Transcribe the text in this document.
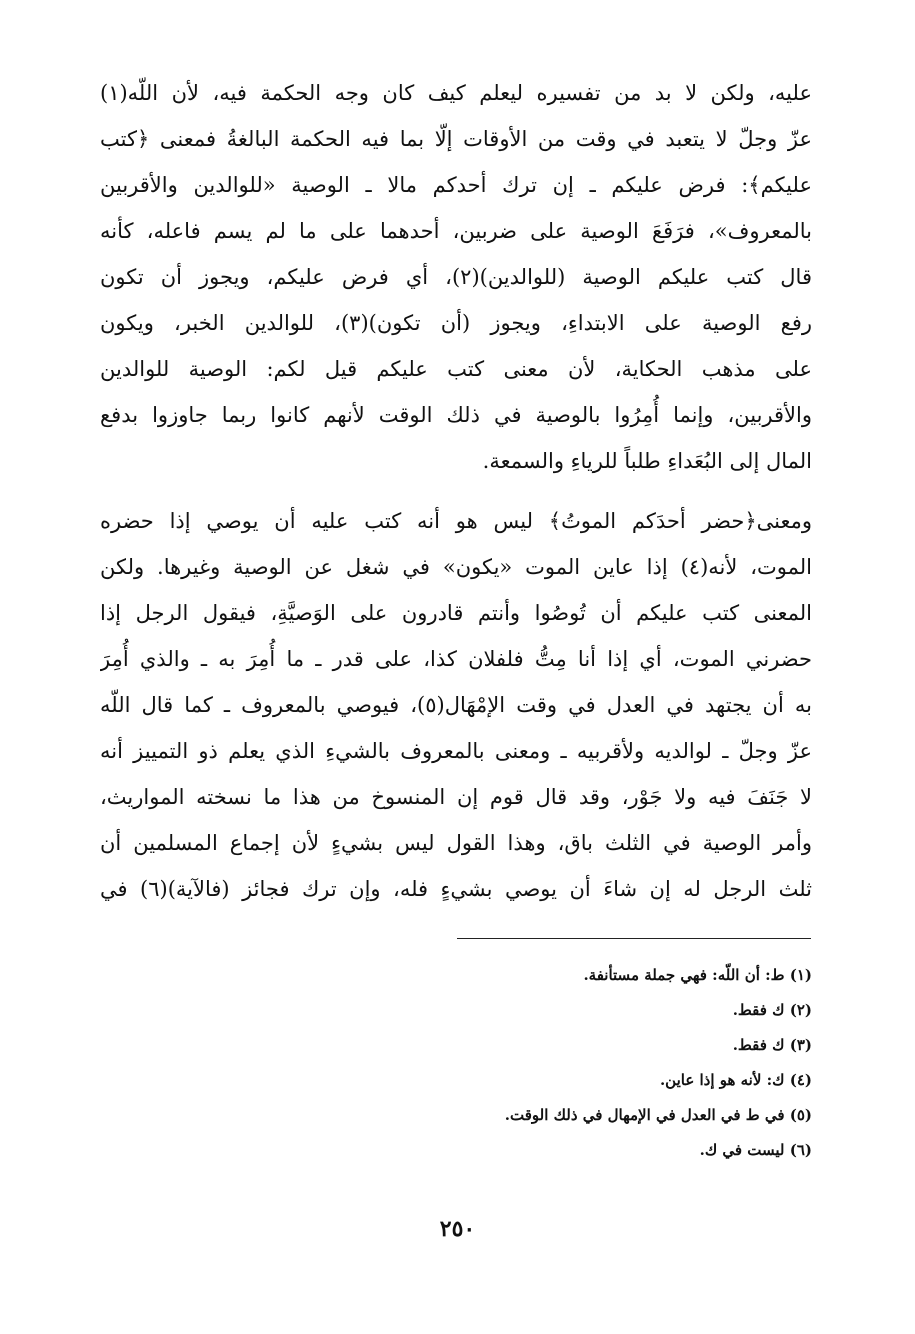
عليه، ولكن لا بد من تفسيره ليعلم كيف كان وجه الحكمة فيه، لأن اللّه(١)
عزّ وجلّ لا يتعبد في وقت من الأوقات إلّا بما فيه الحكمة البالغةُ فمعنى ﴿كتب
عليكم﴾: فرض عليكم ـ إن ترك أحدكم مالا ـ الوصية «للوالدين والأقربين
بالمعروف»، فرَفَعَ الوصية على ضربين، أحدهما على ما لم يسم فاعله، كأنه
قال كتب عليكم الوصية (للوالدين)(٢)، أي فرض عليكم، ويجوز أن تكون
رفع الوصية على الابتداءِ، ويجوز (أن تكون)(٣)، للوالدين الخبر، ويكون
على مذهب الحكاية، لأن معنى كتب عليكم قيل لكم: الوصية للوالدين
والأقربين، وإنما أُمِرُوا بالوصية في ذلك الوقت لأنهم كانوا ربما جاوزوا بدفع
المال إلى البُعَداءِ طلباً للرياءِ والسمعة.
ومعنى﴿حضر أحدَكم الموتُ﴾ ليس هو أنه كتب عليه أن يوصي إذا حضره
الموت، لأنه(٤) إذا عاين الموت «يكون» في شغل عن الوصية وغيرها. ولكن
المعنى كتب عليكم أن تُوصُوا وأنتم قادرون على الوَصيَّةِ، فيقول الرجل إذا
حضرني الموت، أي إذا أنا مِتُّ فلفلان كذا، على قدر ـ ما أُمِرَ به ـ والذي أُمِرَ
به أن يجتهد في العدل في وقت الإمْهَال(٥)، فيوصي بالمعروف ـ كما قال اللّه
عزّ وجلّ ـ لوالديه ولأقربيه ـ ومعنى بالمعروف بالشيءِ الذي يعلم ذو التمييز أنه
لا جَنَفَ فيه ولا جَوْر، وقد قال قوم إن المنسوخ من هذا ما نسخته المواريث،
وأمر الوصية في الثلث باق، وهذا القول ليس بشيءٍ لأن إجماع المسلمين أن
ثلث الرجل له إن شاءَ أن يوصي بشيءٍ فله، وإن ترك فجائز (فالآية)(٦) في
(١) ط: أن اللّه: فهي جملة مستأنفة.
(٢) ك فقط.
(٣) ك فقط.
(٤) ك: لأنه هو إذا عاين.
(٥) في ط في العدل في الإمهال في ذلك الوقت.
(٦) ليست في ك.
٢٥٠
